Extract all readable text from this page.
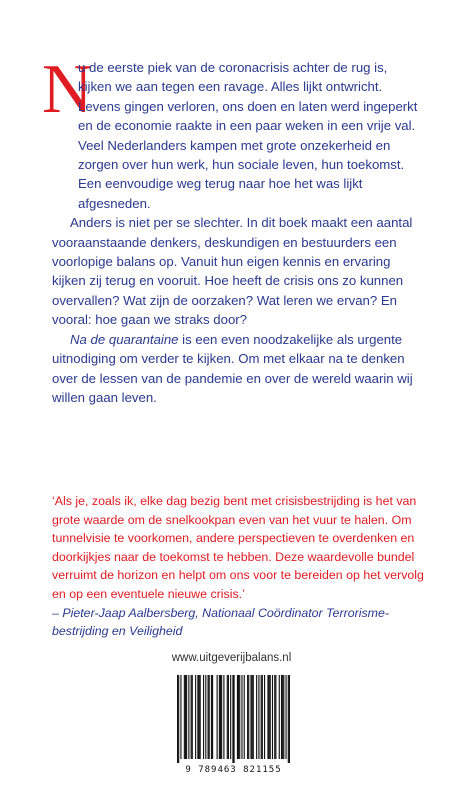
N

u de eerste piek van de coronacrisis achter de rug is, kijken we aan tegen een ravage. Alles lijkt ontwricht. Levens gingen verloren, ons doen en laten werd ingeperkt en de economie raakte in een paar weken in een vrije val. Veel Nederlanders kampen met grote onzekerheid en zorgen over hun werk, hun sociale leven, hun toekomst. Een eenvoudige weg terug naar hoe het was lijkt afgesneden.

Anders is niet per se slechter. In dit boek maakt een aantal vooraanstaande denkers, deskundigen en bestuurders een voorlopige balans op. Vanuit hun eigen kennis en ervaring kijken zij terug en vooruit. Hoe heeft de crisis ons zo kunnen overvallen? Wat zijn de oorzaken? Wat leren we ervan? En vooral: hoe gaan we straks door?

Na de quarantaine is een even noodzakelijke als urgente uitnodiging om verder te kijken. Om met elkaar na te denken over de lessen van de pandemie en over de wereld waarin wij willen gaan leven.

‘Als je, zoals ik, elke dag bezig bent met crisisbestrijding is het van grote waarde om de snelkookpan even van het vuur te halen. Om tunnelvisie te voorkomen, andere perspectieven te overdenken en doorkijkjes naar de toekomst te hebben. Deze waardevolle bundel verruimt de horizon en helpt om ons voor te bereiden op het vervolg en op een eventuele nieuwe crisis.’

– Pieter-Jaap Aalbersberg, Nationaal Coördinator Terrorisme-bestrijding en Veiligheid

www.uitgeverijbalans.nl
9 789463 821155
